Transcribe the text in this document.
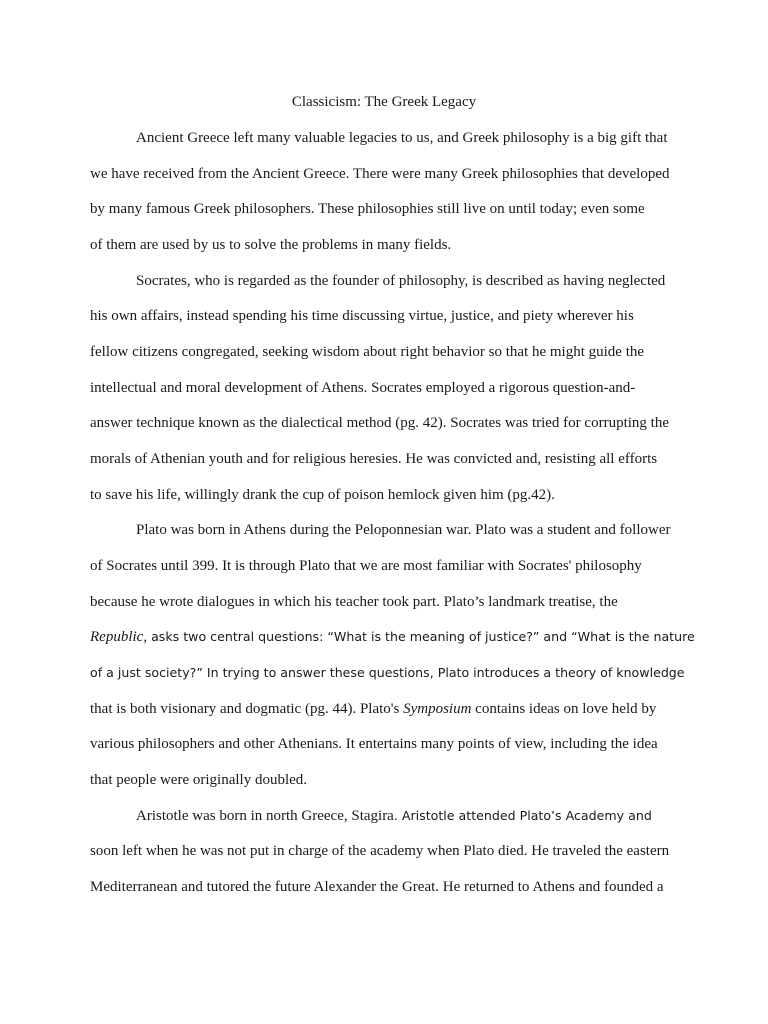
Classicism: The Greek Legacy
Ancient Greece left many valuable legacies to us, and Greek philosophy is a big gift that
we have received from the Ancient Greece. There were many Greek philosophies that developed
by many famous Greek philosophers. These philosophies still live on until today; even some
of them are used by us to solve the problems in many fields.
Socrates, who is regarded as the founder of philosophy, is described as having neglected
his own affairs, instead spending his time discussing virtue, justice, and piety wherever his
fellow citizens congregated, seeking wisdom about right behavior so that he might guide the
intellectual and moral development of Athens. Socrates employed a rigorous question-and-
answer technique known as the dialectical method (pg. 42). Socrates was tried for corrupting the
morals of Athenian youth and for religious heresies. He was convicted and, resisting all efforts
to save his life, willingly drank the cup of poison hemlock given him (pg.42).
Plato was born in Athens during the Peloponnesian war. Plato was a student and follower
of Socrates until 399. It is through Plato that we are most familiar with Socrates' philosophy
because he wrote dialogues in which his teacher took part. Plato’s landmark treatise, the
Republic, asks two central questions: “What is the meaning of justice?” and “What is the nature
of a just society?” In trying to answer these questions, Plato introduces a theory of knowledge
that is both visionary and dogmatic (pg. 44). Plato's Symposium contains ideas on love held by
various philosophers and other Athenians. It entertains many points of view, including the idea
that people were originally doubled.
Aristotle was born in north Greece, Stagira. Aristotle attended Plato’s Academy and
soon left when he was not put in charge of the academy when Plato died. He traveled the eastern
Mediterranean and tutored the future Alexander the Great. He returned to Athens and founded a
